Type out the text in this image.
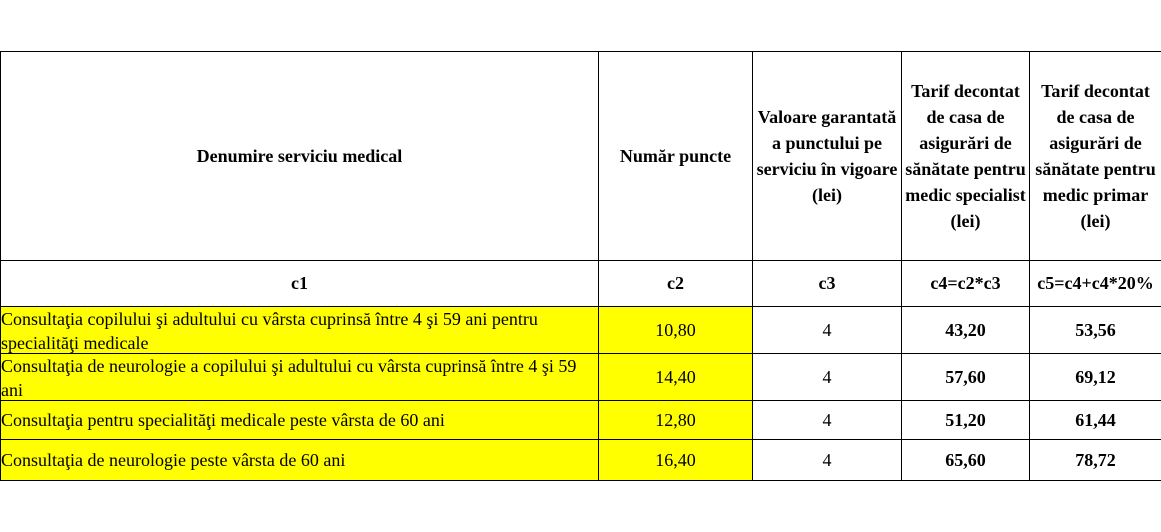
Denumire serviciu medical	Număr puncte	Valoare garantată a punctului pe serviciu în vigoare (lei)	Tarif decontat de casa de asigurări de sănătate pentru medic specialist (lei)	Tarif decontat de casa de asigurări de sănătate pentru medic primar (lei)
c1	c2	c3	c4=c2*c3	c5=c4+c4*20%

Consultaţia copilului şi adultului cu vârsta cuprinsă între 4 şi 59 ani pentru specialităţi medicale	10,80	4	43,20	53,56

Consultaţia de neurologie a copilului şi adultului cu vârsta cuprinsă între 4 şi 59 ani	14,40	4	57,60	69,12

Consultaţia pentru specialităţi medicale peste vârsta de 60 ani	12,80	4	51,20	61,44

Consultaţia de neurologie peste vârsta de 60 ani	16,40	4	65,60	78,72
